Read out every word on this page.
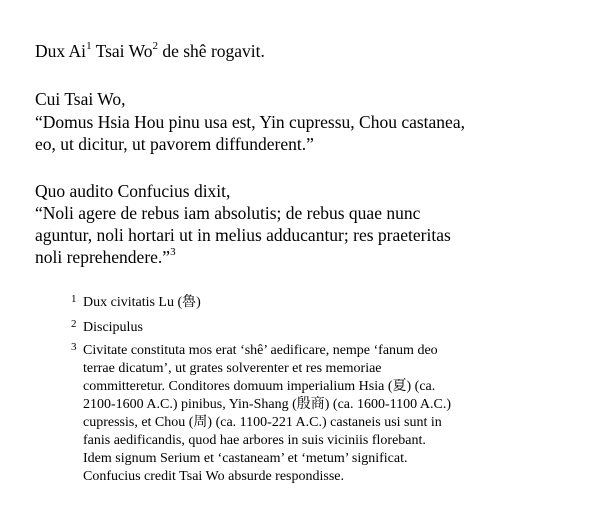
Dux Ai$^1$ Tsai Wo$^2$ de shê rogavit.
Cui Tsai Wo,
“Domus Hsia Hou pinu usa est, Yin cupressu, Chou castanea,
eo, ut dicitur, ut pavorem diffunderent.”
Quo audito Confucius dixit,
“Noli agere de rebus iam absolutis; de rebus quae nunc
aguntur, noli hortari ut in melius adducantur; res praeteritas
noli reprehendere.”$^3$
1 Dux civitatis Lu (魯)
2 Discipulus
3 Civitate constituta mos erat ‘shê’ aedificare, nempe ‘fanum deo
terrae dicatum’, ut grates solverenter et res memoriae
committeretur. Conditores domuum imperialium Hsia (夏) (ca.
2100-1600 A.C.) pinibus, Yin-Shang (殷商) (ca. 1600-1100 A.C.)
cupressis, et Chou (周) (ca. 1100-221 A.C.) castaneis usi sunt in
fanis aedificandis, quod hae arbores in suis viciniis florebant.
Idem signum Serium et ‘castaneam’ et ‘metum’ significat.
Confucius credit Tsai Wo absurde respondisse.
